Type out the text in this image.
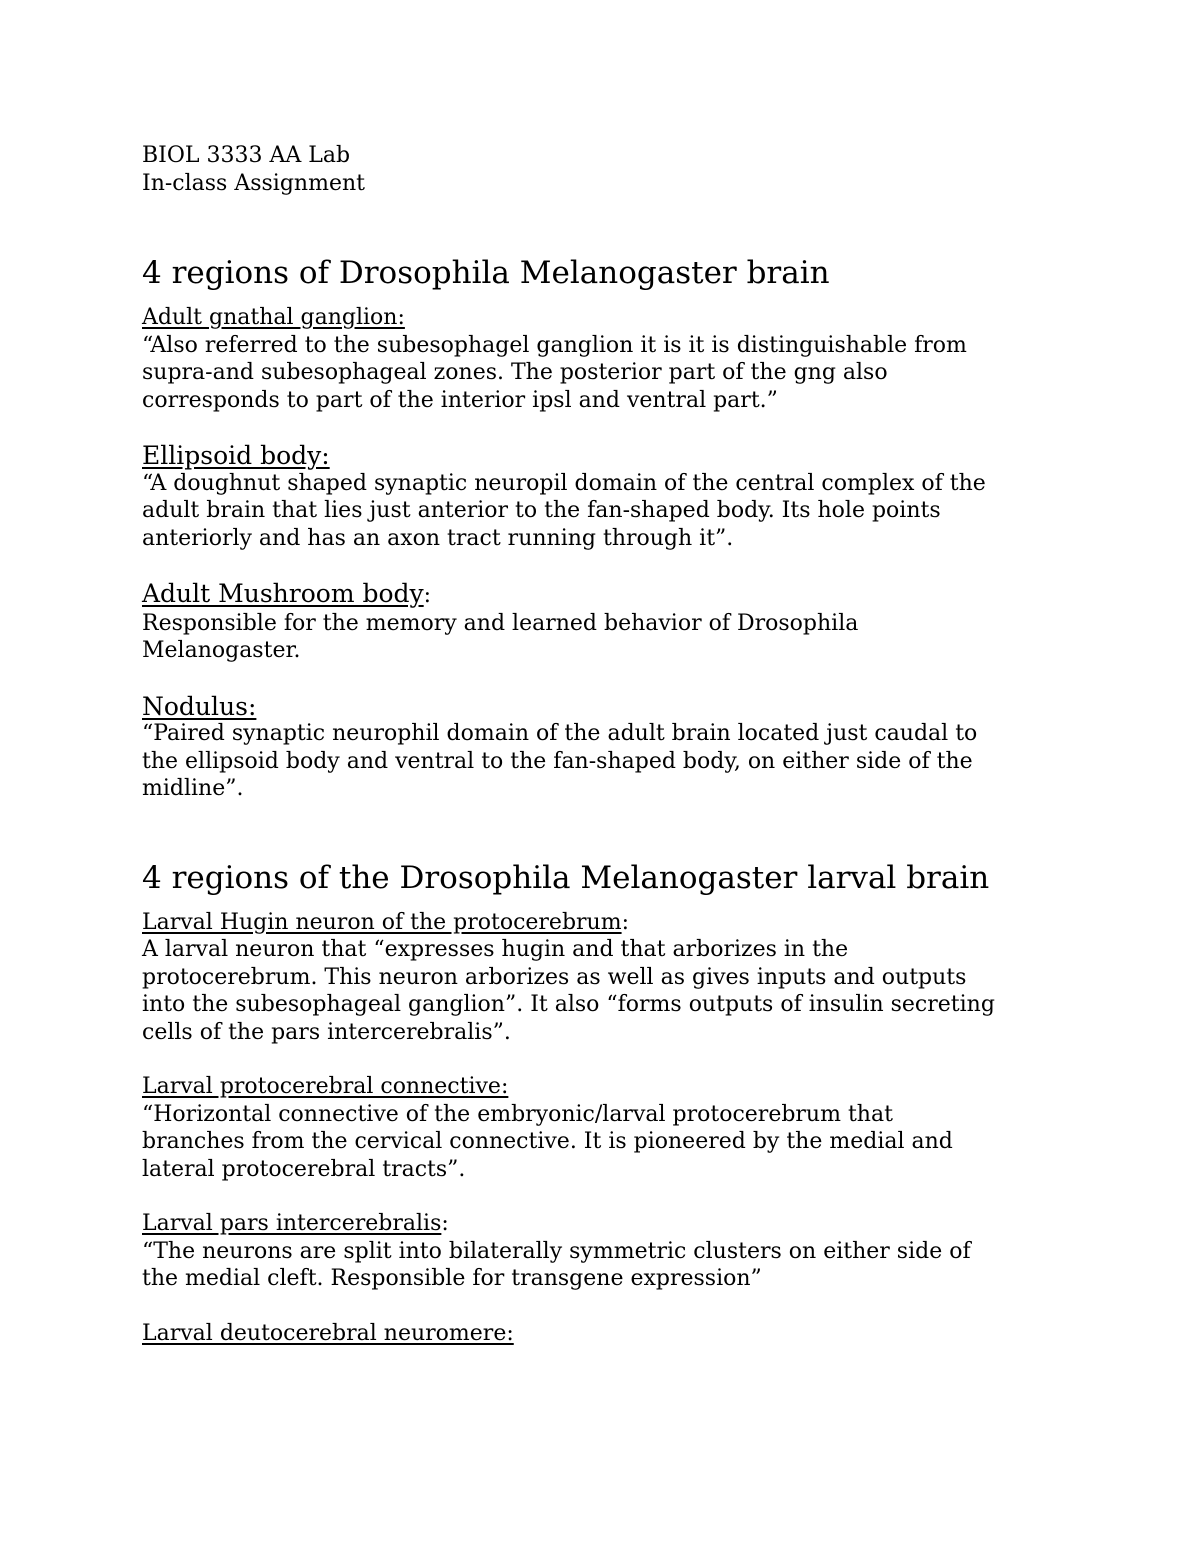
BIOL 3333 AA Lab
In-class Assignment
4 regions of Drosophila Melanogaster brain
Adult gnathal ganglion:
“Also referred to the subesophagel ganglion it is it is distinguishable from
supra-and subesophageal zones. The posterior part of the gng also
corresponds to part of the interior ipsl and ventral part.”
Ellipsoid body:
“A doughnut shaped synaptic neuropil domain of the central complex of the
adult brain that lies just anterior to the fan-shaped body. Its hole points
anteriorly and has an axon tract running through it”.
Adult Mushroom body:
Responsible for the memory and learned behavior of Drosophila
Melanogaster.
Nodulus:
“Paired synaptic neurophil domain of the adult brain located just caudal to
the ellipsoid body and ventral to the fan-shaped body, on either side of the
midline”.
4 regions of the Drosophila Melanogaster larval brain
Larval Hugin neuron of the protocerebrum:
A larval neuron that “expresses hugin and that arborizes in the
protocerebrum. This neuron arborizes as well as gives inputs and outputs
into the subesophageal ganglion”. It also “forms outputs of insulin secreting
cells of the pars intercerebralis”.
Larval protocerebral connective:
“Horizontal connective of the embryonic/larval protocerebrum that
branches from the cervical connective. It is pioneered by the medial and
lateral protocerebral tracts”.
Larval pars intercerebralis:
“The neurons are split into bilaterally symmetric clusters on either side of
the medial cleft. Responsible for transgene expression”
Larval deutocerebral neuromere:
